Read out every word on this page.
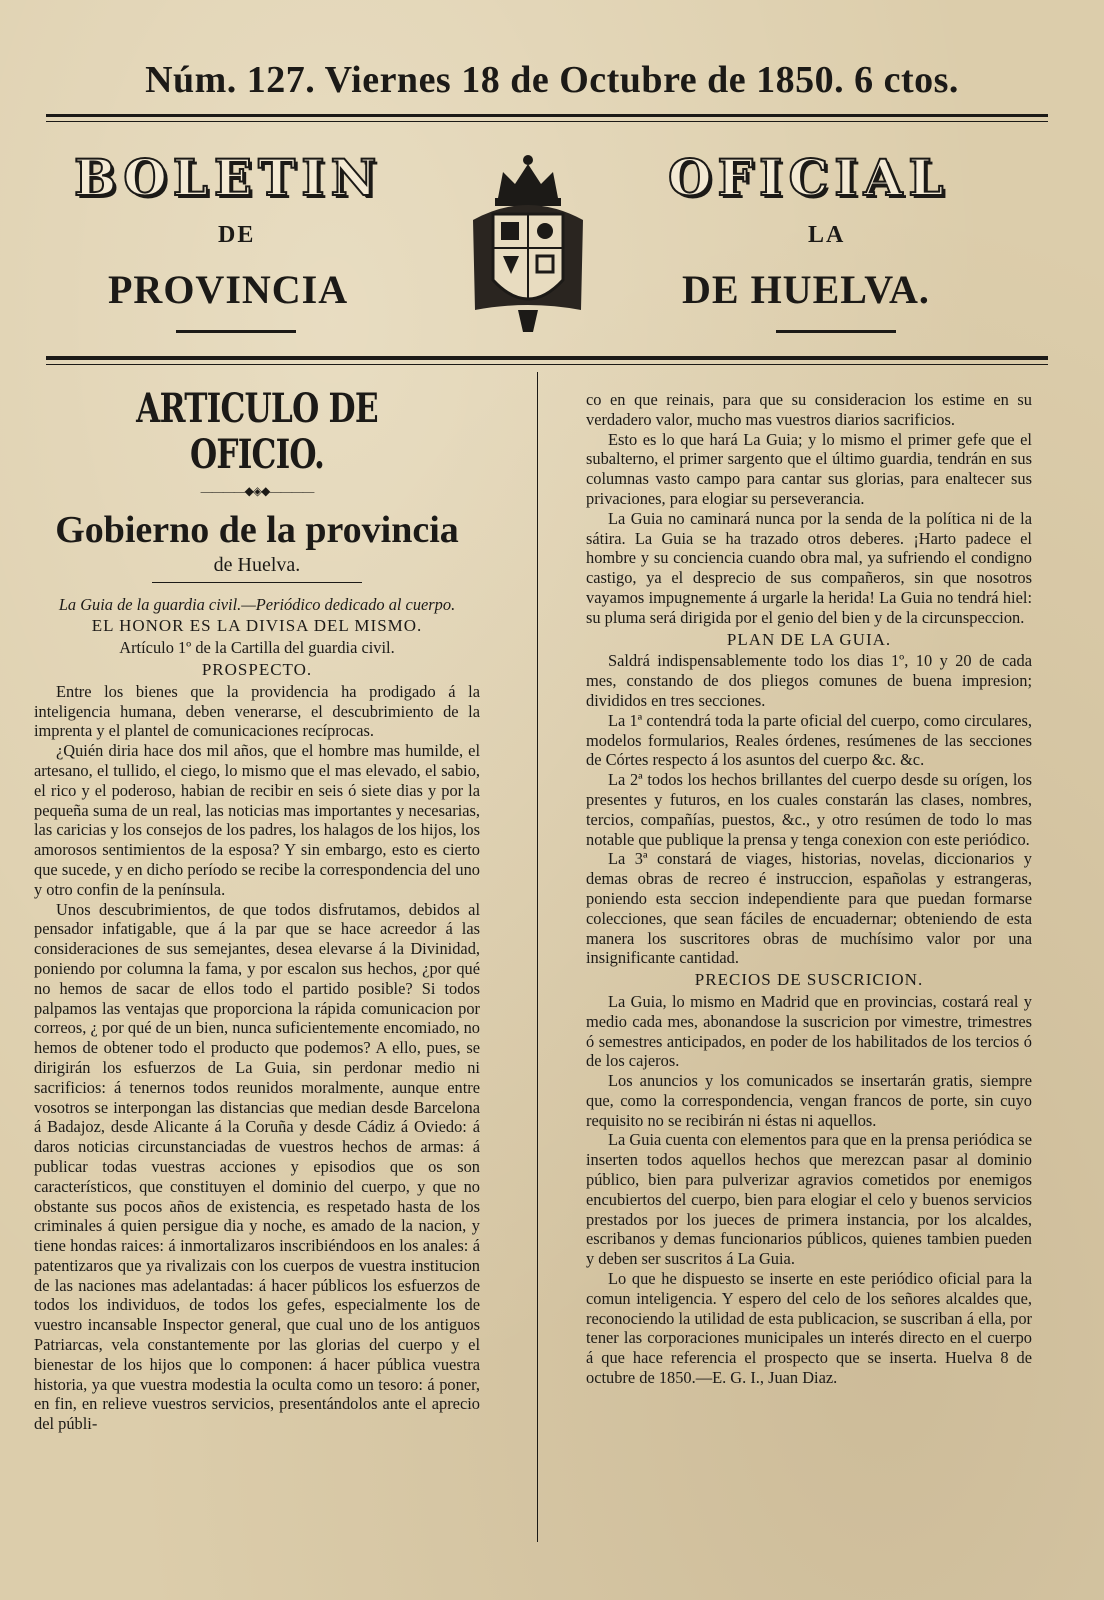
Núm. 127. Viernes 18 de Octubre de 1850. 6 ctos.
BOLETIN	OFICIAL
DE	LA
PROVINCIA	DE HUELVA.
ARTICULO DE OFICIO.
————◆◈◆————
Gobierno de la provincia
de Huelva.
La Guia de la guardia civil.—Periódico dedicado al cuerpo.
EL HONOR ES LA DIVISA DEL MISMO.
Artículo 1º de la Cartilla del guardia civil.
PROSPECTO.

Entre los bienes que la providencia ha prodigado á la inteligencia humana, deben venerarse, el descubrimiento de la imprenta y el plantel de comunicaciones recíprocas.

¿Quién diria hace dos mil años, que el hombre mas humilde, el artesano, el tullido, el ciego, lo mismo que el mas elevado, el sabio, el rico y el poderoso, habian de recibir en seis ó siete dias y por la pequeña suma de un real, las noticias mas importantes y necesarias, las caricias y los consejos de los padres, los halagos de los hijos, los amorosos sentimientos de la esposa? Y sin embargo, esto es cierto que sucede, y en dicho período se recibe la correspondencia del uno y otro confin de la península.

Unos descubrimientos, de que todos disfrutamos, debidos al pensador infatigable, que á la par que se hace acreedor á las consideraciones de sus semejantes, desea elevarse á la Divinidad, poniendo por columna la fama, y por escalon sus hechos, ¿por qué no hemos de sacar de ellos todo el partido posible? Si todos palpamos las ventajas que proporciona la rápida comunicacion por correos, ¿ por qué de un bien, nunca suficientemente encomiado, no hemos de obtener todo el producto que podemos? A ello, pues, se dirigirán los esfuerzos de La Guia, sin perdonar medio ni sacrificios: á tenernos todos reunidos moralmente, aunque entre vosotros se interpongan las distancias que median desde Barcelona á Badajoz, desde Alicante á la Coruña y desde Cádiz á Oviedo: á daros noticias circunstanciadas de vuestros hechos de armas: á publicar todas vuestras acciones y episodios que os son característicos, que constituyen el dominio del cuerpo, y que no obstante sus pocos años de existencia, es respetado hasta de los criminales á quien persigue dia y noche, es amado de la nacion, y tiene hondas raices: á inmortalizaros inscribiéndoos en los anales: á patentizaros que ya rivalizais con los cuerpos de vuestra institucion de las naciones mas adelantadas: á hacer públicos los esfuerzos de todos los individuos, de todos los gefes, especialmente los de vuestro incansable Inspector general, que cual uno de los antiguos Patriarcas, vela constantemente por las glorias del cuerpo y el bienestar de los hijos que lo componen: á hacer pública vuestra historia, ya que vuestra modestia la oculta como un tesoro: á poner, en fin, en relieve vuestros servicios, presentándolos ante el aprecio del públi-

co en que reinais, para que su consideracion los estime en su verdadero valor, mucho mas vuestros diarios sacrificios.

Esto es lo que hará La Guia; y lo mismo el primer gefe que el subalterno, el primer sargento que el último guardia, tendrán en sus columnas vasto campo para cantar sus glorias, para enaltecer sus privaciones, para elogiar su perseverancia.

La Guia no caminará nunca por la senda de la política ni de la sátira. La Guia se ha trazado otros deberes. ¡Harto padece el hombre y su conciencia cuando obra mal, ya sufriendo el condigno castigo, ya el desprecio de sus compañeros, sin que nosotros vayamos impugnemente á urgarle la herida! La Guia no tendrá hiel: su pluma será dirigida por el genio del bien y de la circunspeccion.

PLAN DE LA GUIA.

Saldrá indispensablemente todo los dias 1º, 10 y 20 de cada mes, constando de dos pliegos comunes de buena impresion; divididos en tres secciones.

La 1ª contendrá toda la parte oficial del cuerpo, como circulares, modelos formularios, Reales órdenes, resúmenes de las secciones de Córtes respecto á los asuntos del cuerpo &c. &c.

La 2ª todos los hechos brillantes del cuerpo desde su orígen, los presentes y futuros, en los cuales constarán las clases, nombres, tercios, compañías, puestos, &c., y otro resúmen de todo lo mas notable que publique la prensa y tenga conexion con este periódico.

La 3ª constará de viages, historias, novelas, diccionarios y demas obras de recreo é instruccion, españolas y estrangeras, poniendo esta seccion independiente para que puedan formarse colecciones, que sean fáciles de encuadernar; obteniendo de esta manera los suscritores obras de muchísimo valor por una insignificante cantidad.

PRECIOS DE SUSCRICION.

La Guia, lo mismo en Madrid que en provincias, costará real y medio cada mes, abonandose la suscricion por vimestre, trimestres ó semestres anticipados, en poder de los habilitados de los tercios ó de los cajeros.

Los anuncios y los comunicados se insertarán gratis, siempre que, como la correspondencia, vengan francos de porte, sin cuyo requisito no se recibirán ni éstas ni aquellos.

La Guia cuenta con elementos para que en la prensa periódica se inserten todos aquellos hechos que merezcan pasar al dominio público, bien para pulverizar agravios cometidos por enemigos encubiertos del cuerpo, bien para elogiar el celo y buenos servicios prestados por los jueces de primera instancia, por los alcaldes, escribanos y demas funcionarios públicos, quienes tambien pueden y deben ser suscritos á La Guia.

Lo que he dispuesto se inserte en este periódico oficial para la comun inteligencia. Y espero del celo de los señores alcaldes que, reconociendo la utilidad de esta publicacion, se suscriban á ella, por tener las corporaciones municipales un interés directo en el cuerpo á que hace referencia el prospecto que se inserta. Huelva 8 de octubre de 1850.—E. G. I., Juan Diaz.
